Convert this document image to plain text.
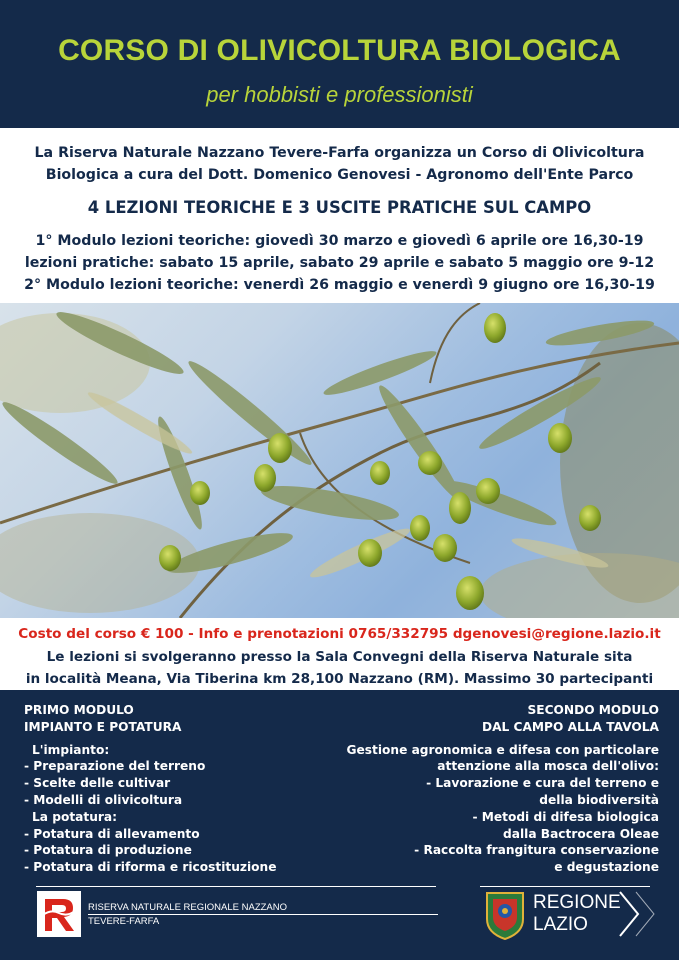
CORSO DI OLIVICOLTURA BIOLOGICA
per hobbisti e professionisti
La Riserva Naturale Nazzano Tevere-Farfa organizza un Corso di Olivicoltura
Biologica a cura del Dott. Domenico Genovesi - Agronomo dell'Ente Parco
4 LEZIONI TEORICHE E 3 USCITE PRATICHE SUL CAMPO
1° Modulo lezioni teoriche: giovedì 30 marzo e giovedì 6 aprile ore 16,30-19
lezioni pratiche: sabato 15 aprile, sabato 29 aprile e sabato 5 maggio ore 9-12
2° Modulo lezioni teoriche: venerdì 26 maggio e venerdì 9 giugno ore 16,30-19
Costo del corso € 100 - Info e prenotazioni 0765/332795 dgenovesi@regione.lazio.it
Le lezioni si svolgeranno presso la Sala Convegni della Riserva Naturale sita
in località Meana, Via Tiberina km 28,100 Nazzano (RM). Massimo 30 partecipanti
PRIMO MODULO
IMPIANTO E POTATURA
L'impianto:
- Preparazione del terreno
- Scelte delle cultivar
- Modelli di olivicoltura
La potatura:
- Potatura di allevamento
- Potatura di produzione
- Potatura di riforma e ricostituzione
SECONDO MODULO
DAL CAMPO ALLA TAVOLA
Gestione agronomica e difesa con particolare
attenzione alla mosca dell'olivo:
- Lavorazione e cura del terreno e
della biodiversità
- Metodi di difesa biologica
dalla Bactrocera Oleae
- Raccolta frangitura conservazione
e degustazione
RISERVA NATURALE REGIONALE NAZZANO
TEVERE-FARFA
REGIONE
LAZIO
